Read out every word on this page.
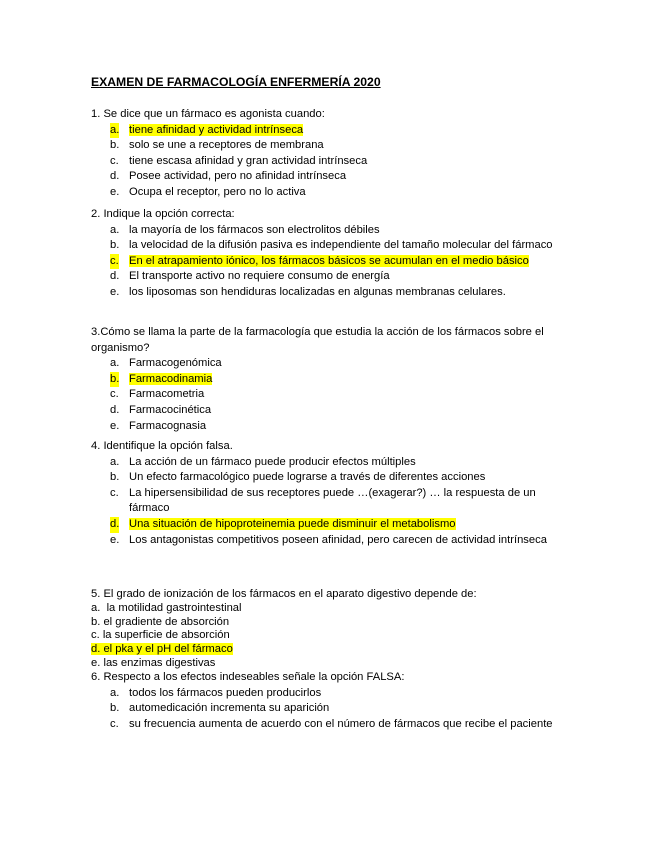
EXAMEN DE FARMACOLOGÍA ENFERMERÍA 2020

1. Se dice que un fármaco es agonista cuando:

a. tiene afinidad y actividad intrínseca
b. solo se une a receptores de membrana
c. tiene escasa afinidad y gran actividad intrínseca
d. Posee actividad, pero no afinidad intrínseca
e. Ocupa el receptor, pero no lo activa

2. Indique la opción correcta:

a. la mayoría de los fármacos son electrolitos débiles
b. la velocidad de la difusión pasiva es independiente del tamaño molecular del fármaco
c. En el atrapamiento iónico, los fármacos básicos se acumulan en el medio básico
d. El transporte activo no requiere consumo de energía
e. los liposomas son hendiduras localizadas en algunas membranas celulares.

3.Cómo se llama la parte de la farmacología que estudia la acción de los fármacos sobre el organismo?

a. Farmacogenómica
b. Farmacodinamia
c. Farmacometria
d. Farmacocinética
e. Farmacognasia

4. Identifique la opción falsa.

a. La acción de un fármaco puede producir efectos múltiples
b. Un efecto farmacológico puede lograrse a través de diferentes acciones
c. La hipersensibilidad de sus receptores puede …(exagerar?) … la respuesta de un fármaco
d. Una situación de hipoproteinemia puede disminuir el metabolismo
e. Los antagonistas competitivos poseen afinidad, pero carecen de actividad intrínseca

5. El grado de ionización de los fármacos en el aparato digestivo depende de:

a. la motilidad gastrointestinal
b. el gradiente de absorción
c. la superficie de absorción
d. el pka y el pH del fármaco
e. las enzimas digestivas

6. Respecto a los efectos indeseables señale la opción FALSA:

a. todos los fármacos pueden producirlos
b. automedicación incrementa su aparición
c. su frecuencia aumenta de acuerdo con el número de fármacos que recibe el paciente
